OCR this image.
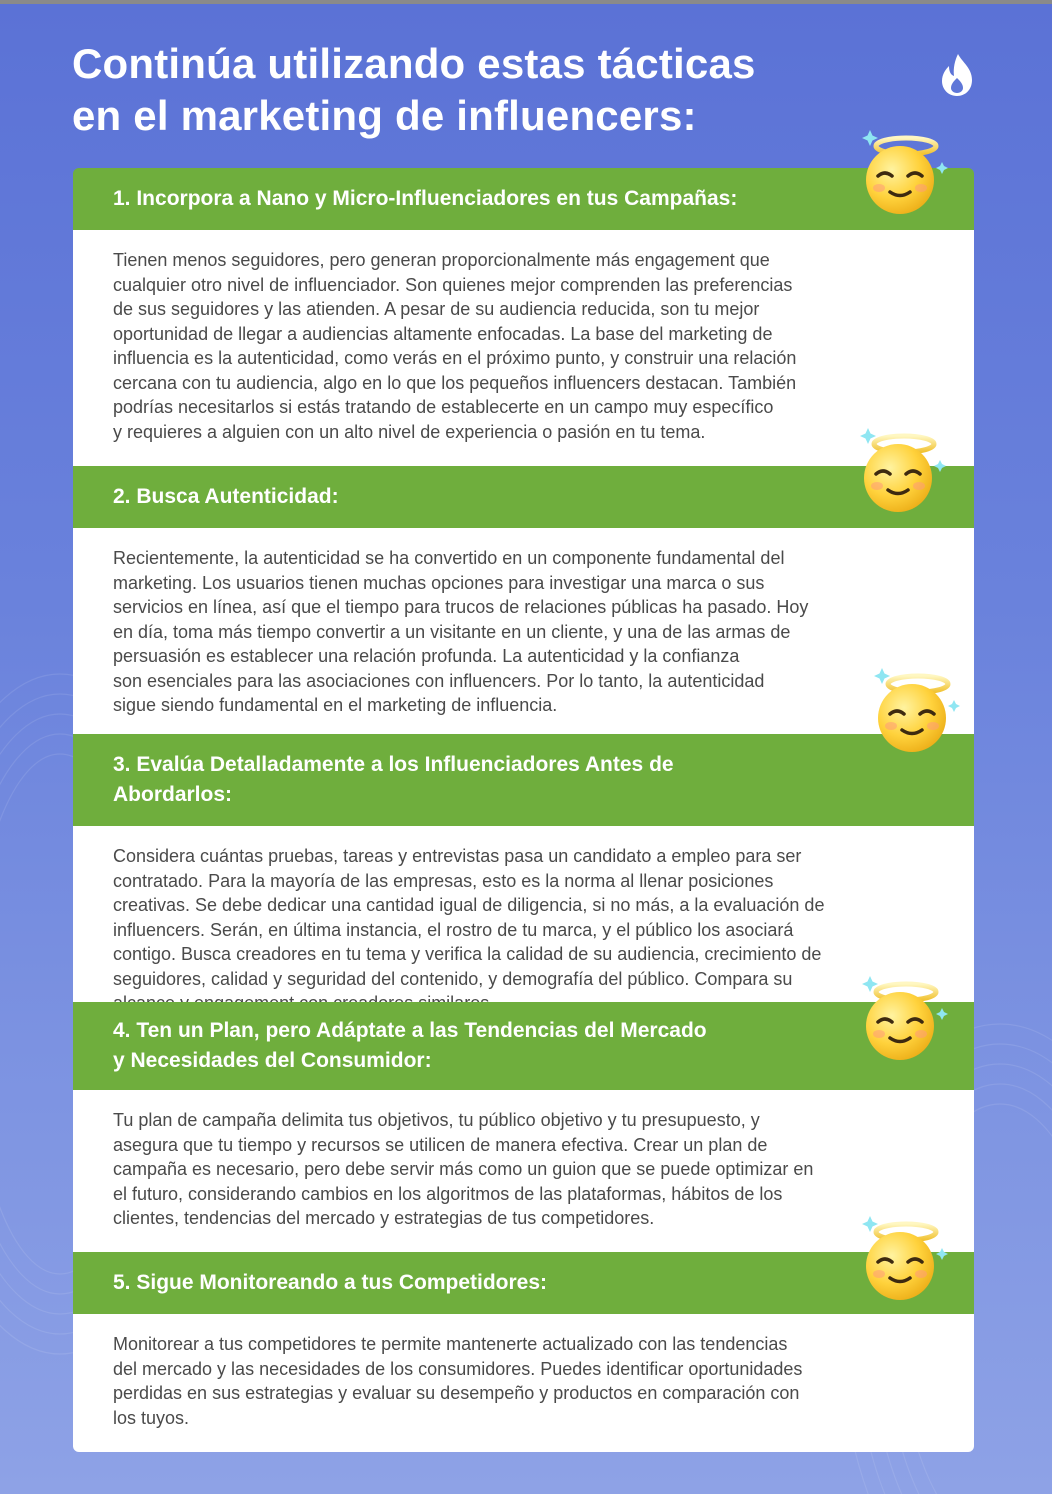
Continúa utilizando estas tácticas
en el marketing de influencers:
1. Incorpora a Nano y Micro-Influenciadores en tus Campañas:
Tienen menos seguidores, pero generan proporcionalmente más engagement que
cualquier otro nivel de influenciador. Son quienes mejor comprenden las preferencias
de sus seguidores y las atienden. A pesar de su audiencia reducida, son tu mejor
oportunidad de llegar a audiencias altamente enfocadas. La base del marketing de
influencia es la autenticidad, como verás en el próximo punto, y construir una relación
cercana con tu audiencia, algo en lo que los pequeños influencers destacan. También
podrías necesitarlos si estás tratando de establecerte en un campo muy específico
y requieres a alguien con un alto nivel de experiencia o pasión en tu tema.
2. Busca Autenticidad:
Recientemente, la autenticidad se ha convertido en un componente fundamental del
marketing. Los usuarios tienen muchas opciones para investigar una marca o sus
servicios en línea, así que el tiempo para trucos de relaciones públicas ha pasado. Hoy
en día, toma más tiempo convertir a un visitante en un cliente, y una de las armas de
persuasión es establecer una relación profunda. La autenticidad y la confianza
son esenciales para las asociaciones con influencers. Por lo tanto, la autenticidad
sigue siendo fundamental en el marketing de influencia.
3. Evalúa Detalladamente a los Influenciadores Antes de Abordarlos:
Considera cuántas pruebas, tareas y entrevistas pasa un candidato a empleo para ser
contratado. Para la mayoría de las empresas, esto es la norma al llenar posiciones
creativas. Se debe dedicar una cantidad igual de diligencia, si no más, a la evaluación de
influencers. Serán, en última instancia, el rostro de tu marca, y el público los asociará
contigo. Busca creadores en tu tema y verifica la calidad de su audiencia, crecimiento de
seguidores, calidad y seguridad del contenido, y demografía del público. Compara su
4. Ten un Plan, pero Adáptate a las Tendencias del Mercado
y Necesidades del Consumidor:
Tu plan de campaña delimita tus objetivos, tu público objetivo y tu presupuesto, y
asegura que tu tiempo y recursos se utilicen de manera efectiva. Crear un plan de
campaña es necesario, pero debe servir más como un guion que se puede optimizar en
el futuro, considerando cambios en los algoritmos de las plataformas, hábitos de los
clientes, tendencias del mercado y estrategias de tus competidores.
5. Sigue Monitoreando a tus Competidores:
Monitorear a tus competidores te permite mantenerte actualizado con las tendencias
del mercado y las necesidades de los consumidores. Puedes identificar oportunidades
perdidas en sus estrategias y evaluar su desempeño y productos en comparación con
los tuyos.
